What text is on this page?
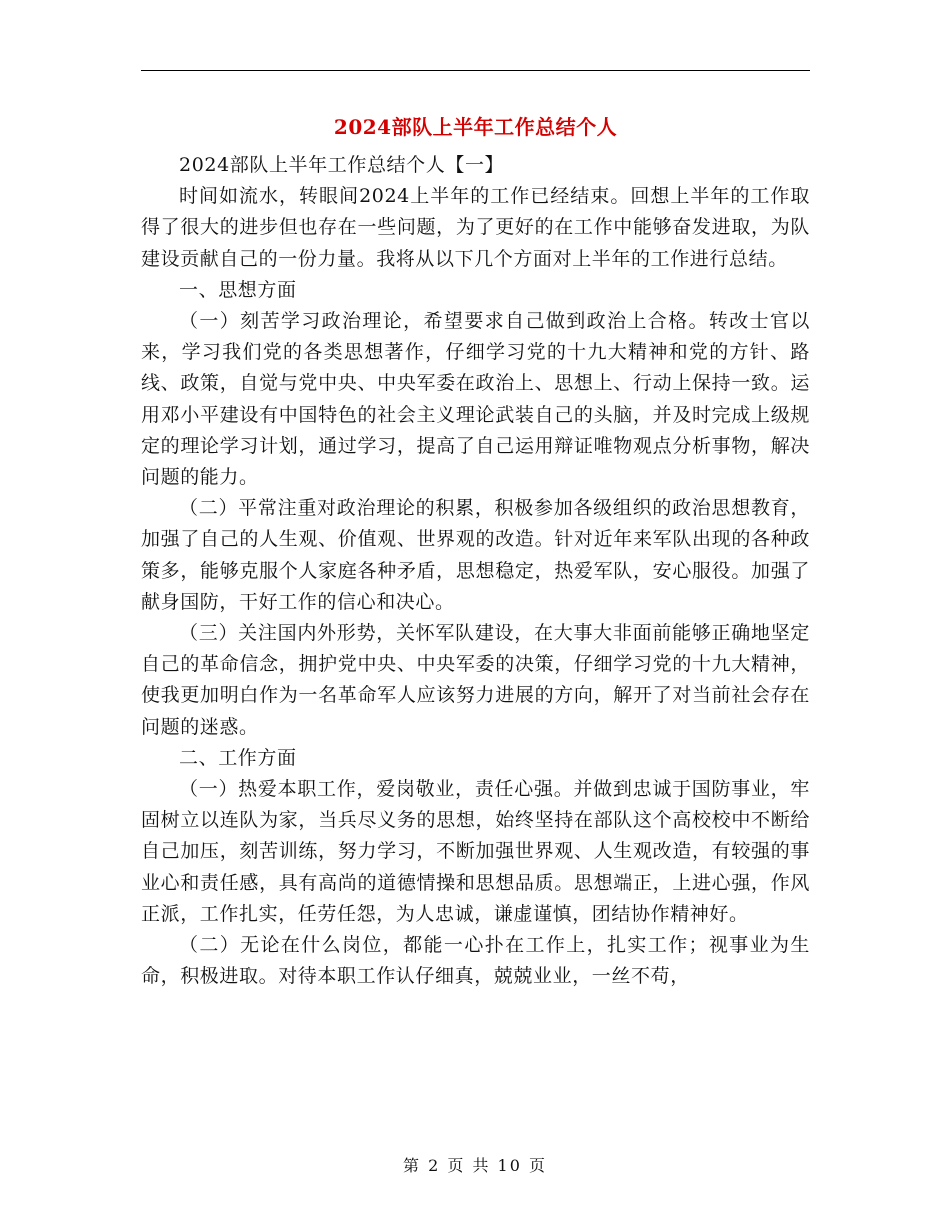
2024部队上半年工作总结个人

2024部队上半年工作总结个人【一】

时间如流水，转眼间2024上半年的工作已经结束。回想上半年的工作取得了很大的进步但也存在一些问题，为了更好的在工作中能够奋发进取，为队建设贡献自己的一份力量。我将从以下几个方面对上半年的工作进行总结。

一、思想方面

（一）刻苦学习政治理论，希望要求自己做到政治上合格。转改士官以来，学习我们党的各类思想著作，仔细学习党的十九大精神和党的方针、路线、政策，自觉与党中央、中央军委在政治上、思想上、行动上保持一致。运用邓小平建设有中国特色的社会主义理论武装自己的头脑，并及时完成上级规定的理论学习计划，通过学习，提高了自己运用辩证唯物观点分析事物，解决问题的能力。

（二）平常注重对政治理论的积累，积极参加各级组织的政治思想教育，加强了自己的人生观、价值观、世界观的改造。针对近年来军队出现的各种政策多，能够克服个人家庭各种矛盾，思想稳定，热爱军队，安心服役。加强了献身国防，干好工作的信心和决心。

（三）关注国内外形势，关怀军队建设，在大事大非面前能够正确地坚定自己的革命信念，拥护党中央、中央军委的决策，仔细学习党的十九大精神，使我更加明白作为一名革命军人应该努力进展的方向，解开了对当前社会存在问题的迷惑。

二、工作方面

（一）热爱本职工作，爱岗敬业，责任心强。并做到忠诚于国防事业，牢固树立以连队为家，当兵尽义务的思想，始终坚持在部队这个高校校中不断给自己加压，刻苦训练，努力学习，不断加强世界观、人生观改造，有较强的事业心和责任感，具有高尚的道德情操和思想品质。思想端正，上进心强，作风正派，工作扎实，任劳任怨，为人忠诚，谦虚谨慎，团结协作精神好。

（二）无论在什么岗位，都能一心扑在工作上，扎实工作；视事业为生命，积极进取。对待本职工作认仔细真，兢兢业业，一丝不苟，

第 2 页 共 10 页
